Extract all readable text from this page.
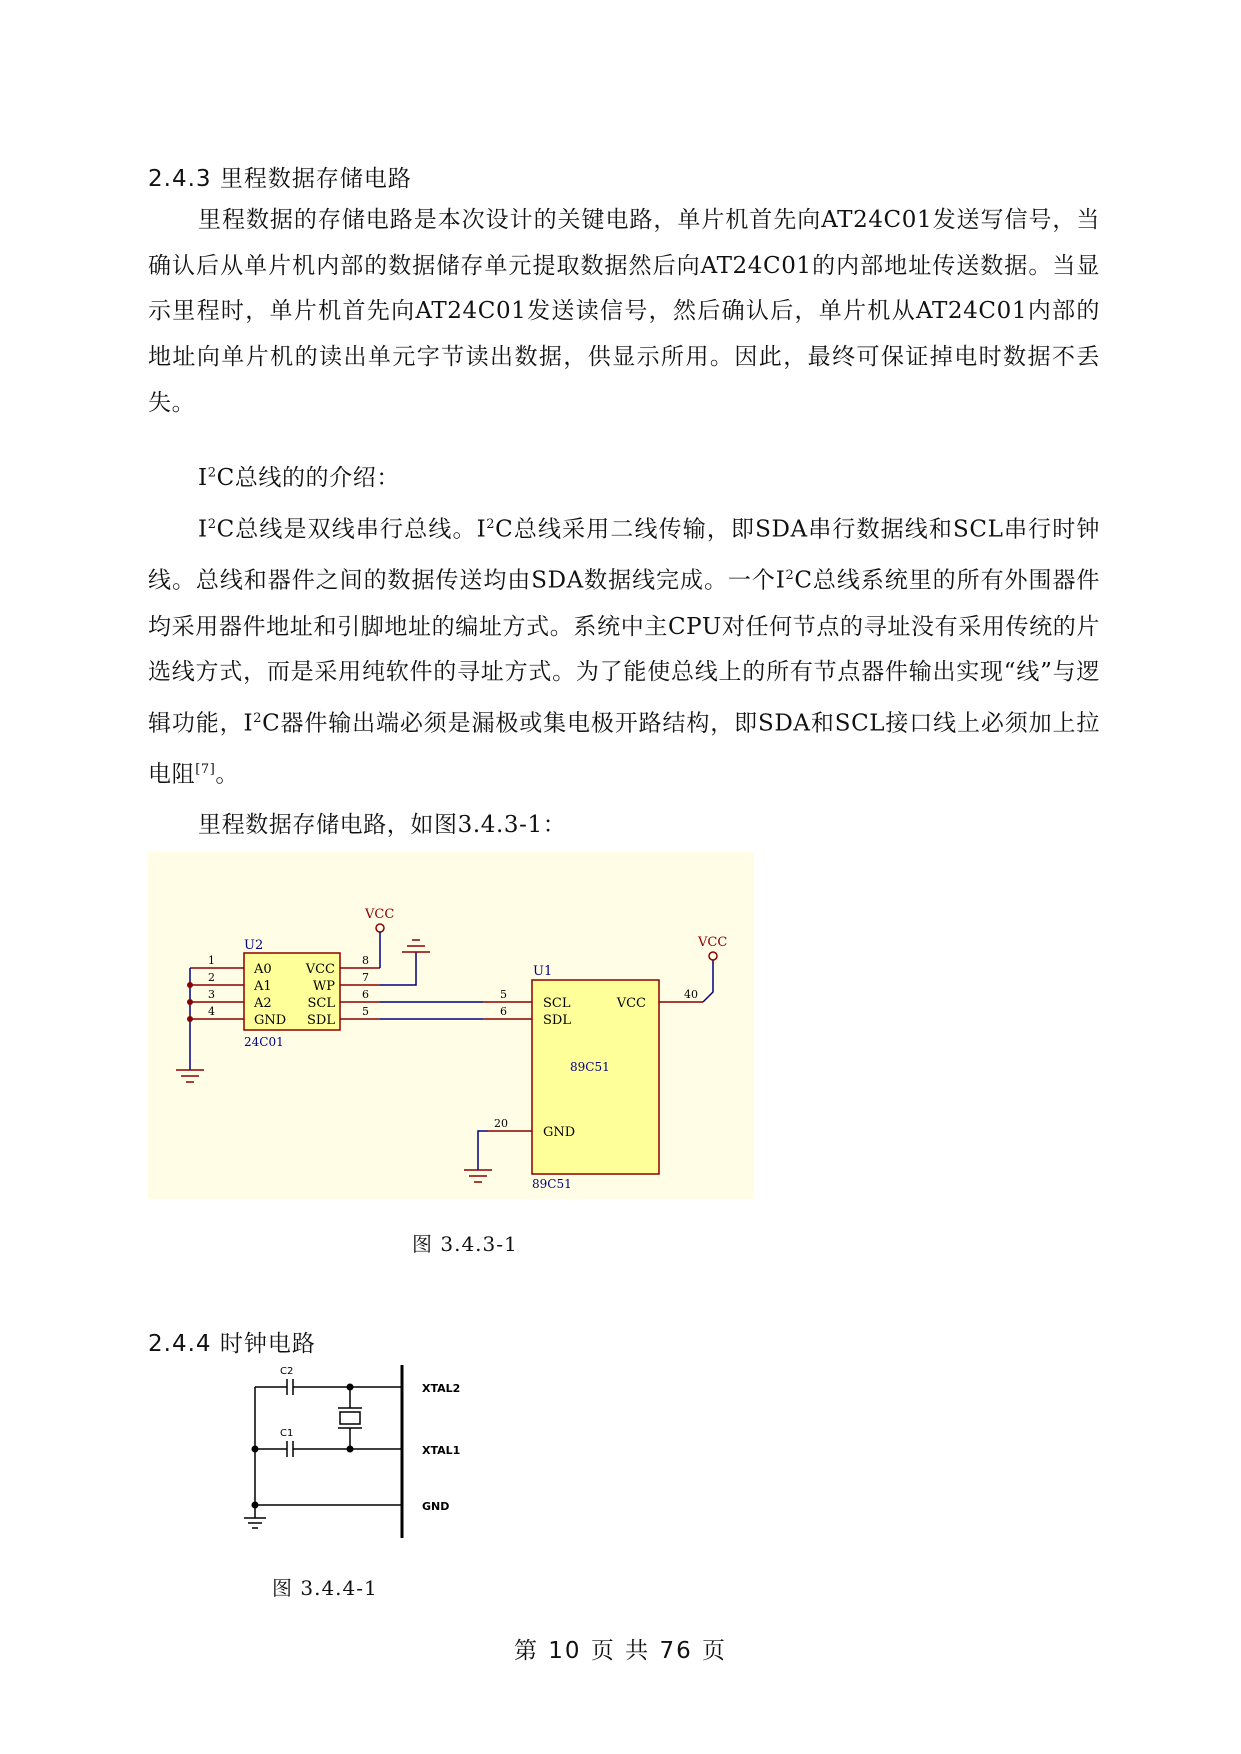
2.4.3 里程数据存储电路

里程数据的存储电路是本次设计的关键电路，单片机首先向AT24C01发送写信号，当确认后从单片机内部的数据储存单元提取数据然后向AT24C01的内部地址传送数据。当显示里程时，单片机首先向AT24C01发送读信号，然后确认后，单片机从AT24C01内部的地址向单片机的读出单元字节读出数据，供显示所用。因此，最终可保证掉电时数据不丢失。

$I^2C$总线的的介绍：

$I^2C$总线是双线串行总线。$I^2C$总线采用二线传输，即SDA串行数据线和SCL串行时钟线。总线和器件之间的数据传送均由SDA数据线完成。一个$I^2C$总线系统里的所有外围器件均采用器件地址和引脚地址的编址方式。系统中主CPU对任何节点的寻址没有采用传统的片选线方式，而是采用纯软件的寻址方式。为了能使总线上的所有节点器件输出实现“线”与逻辑功能，$I^2C$器件输出端必须是漏极或集电极开路结构，即SDA和SCL接口线上必须加上拉电阻[7]。

里程数据存储电路，如图3.4.3-1：
U2
24C01
A0
A1
A2
GND
VCC
WP
SCL
SDL
1
2
3
4
8
7
6
5
VCC
U1
89C51
89C51
SCL
SDL
GND
VCC
5
6
20
40
VCC
图 3.4.3-1
2.4.4 时钟电路
C2
C1
XTAL2
XTAL1
GND
图 3.4.4-1
第 10 页 共 76 页
